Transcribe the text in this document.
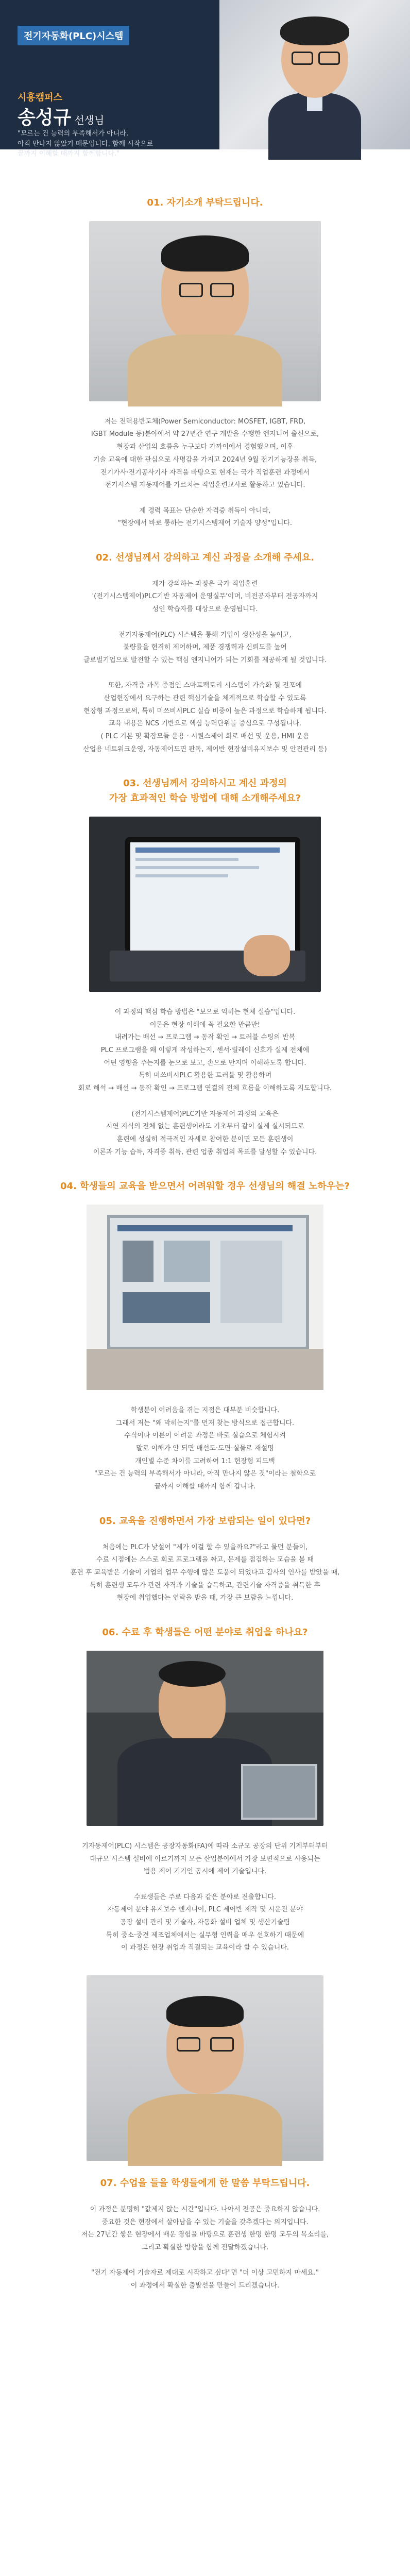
전기자동화(PLC)시스템
시흥캠퍼스
송성규 선생님
"모르는 건 능력의 부족해서가 아니라,
아직 만나지 않았기 때문입니다. 함께 시작으로
끝까지 이해할 때까지 함께합니다."
01. 자기소개 부탁드립니다.
저는 전력용반도체(Power Semiconductor: MOSFET, IGBT, FRD,
IGBT Module 등)분야에서 약 27년간 연구 개발을 수행한 엔지니어 출신으로,
현장과 산업의 흐름을 누구보다 가까이에서 경험했으며, 이후
기술 교육에 대한 관심으로 사명감을 가지고 2024년 9월 전기기능장을 취득,
전기가사·전기공사기사 자격을 바탕으로 현재는 국가 직업훈련 과정에서
전기시스템 자동제어를 가르치는 직업훈련교사로 활동하고 있습니다.

제 경력 목표는 단순한 자격증 취득이 아니라,
"현장에서 바로 통하는 전기시스템제어 기술자 양성"입니다.
02. 선생님께서 강의하고 계신 과정을 소개해 주세요.
제가 강의하는 과정은 국가 직업훈련
'(전기시스템제어)PLC기반 자동제어 운영실무'이며, 비전공자부터 전공자까지
성인 학습자를 대상으로 운영됩니다.

전기자동제어(PLC) 시스템을 통해 기업이 생산성을 높이고,
불량률을 현격히 제어하며, 제품 경쟁력과 신뢰도를 높여
글로벌기업으로 발전할 수 있는 핵심 엔지니어가 되는 기회를 제공하게 될 것입니다.

또한, 자격증 과목 중점인 스마트팩토리 시스템이 가속화 될 전포에
산업현장에서 요구하는 관련 핵심기술을 체계적으로 학습할 수 있도록
현장형 과정으로써, 특히 미쓰비시PLC 실습 비중이 높은 과정으로 학습하게 됩니다.
교육 내용은 NCS 기반으로 핵심 능력단위를 중심으로 구성됩니다.
( PLC 기본 및 확장모듈 운용 · 시퀀스제어 회로 배선 및 운용, HMI 운용
산업용 네트워크운영, 자동제어도면 판독, 제어반 현장설비유지보수 및 안전관리 등)
03. 선생님께서 강의하시고 계신 과정의
가장 효과적인 학습 방법에 대해 소개해주세요?
이 과정의 핵심 학습 방법은 "보으로 익히는 현체 실습"입니다.
이론은 현장 이해에 꼭 필요한 만큼만!
내려가는 배선 → 프로그램 → 동작 확인 → 트러블 슈팅의 반복
PLC 프로그램을 왜 이렇게 작성하는지, 센서·릴레이 신호가 실제 전체에
어떤 영향을 주는지를 눈으로 보고, 손으로 만지며 이해하도록 합니다.
특히 미쓰비시PLC 활용한 트러블 및 활용하며
회로 해석 → 배선 → 동작 확인 → 프로그램 연결의 전체 흐름을 이해하도록 지도합니다.

(전기시스템제어)PLC기반 자동제어 과정의 교육은
시연 지식의 전체 없는 훈련생이라도 기초부터 같이 실제 실시되므로
훈련에 성실히 적극적인 자세로 참여한 분이면 모든 훈련생이
이론과 기능 습득, 자격증 취득, 관련 업종 취업의 목표를 달성할 수 있습니다.
04. 학생들의 교육을 받으면서 어려워할 경우 선생님의 해결 노하우는?
학생분이 어려움을 겪는 지점은 대부분 비슷합니다.
그래서 저는 "왜 막히는지"를 먼저 찾는 방식으로 접근합니다.
수식이나 이론이 어려운 과정은 바로 실습으로 체험시켜
말로 이해가 안 되면 배선도·도면·실물로 재설명
개인별 수준 차이를 고려하여 1:1 현장형 피드백
"모르는 건 능력의 부족해서가 아니라, 아직 만나지 않은 것"이라는 철학으로
끝까지 이해할 때까지 함께 갑니다.
05. 교육을 진행하면서 가장 보람되는 일이 있다면?
처음에는 PLC가 낯설어 "제가 이걸 할 수 있을까요?"라고 물던 분들이,
수료 시점에는 스스로 회로 프로그램을 짜고, 문제를 점검하는 모습을 볼 때
훈련 후 교육받은 기술이 기업의 업무 수행에 많은 도움이 되었다고 감사의 인사를 받았을 때,
특히 훈련생 모두가 관련 자격과 기술을 습득하고, 관련기술 자격증을 취득한 후
현장에 취업했다는 연락을 받을 때, 가장 큰 보람을 느낍니다.
06. 수료 후 학생들은 어떤 분야로 취업을 하나요?
기자동제어(PLC) 시스템은 공장자동화(FA)에 따라 소규모 공장의 단위 기계부터부터
대규모 시스템 설비에 이르기까지 모든 산업분야에서 가장 보편적으로 사용되는
범용 제어 기기인 동시에 제어 기술입니다.

수료생들은 주로 다음과 같은 분야로 진출합니다.
자동제어 분야 유지보수 엔지니어, PLC 제어반 제작 및 시운전 분야
공장 설비 관리 및 기술자, 자동화 설비 업체 및 생산기술팀
특히 중소·중견 제조업체에서는 실무형 인력을 매우 선호하기 때문에
이 과정은 현장 취업과 직결되는 교육이라 할 수 있습니다.
07. 수업을 들을 학생들에게 한 말씀 부탁드립니다.
이 과정은 분명히 "값제지 않는 시간"입니다. 나아서 전공은 중요하지 않습니다.
중요한 것은 현장에서 살아남을 수 있는 기술을 갖추겠다는 의지입니다.
저는 27년간 쌓은 현장에서 배운 경험을 바탕으로 훈련생 한명 한명 모두의 목소리를,
그리고 확실한 방향을 함께 전달하겠습니다.

"전기 자동제어 기술자로 제대로 시작하고 싶다"면 "더 이상 고민하지 마세요."
이 과정에서 확실한 출발선을 만들어 드리겠습니다.
